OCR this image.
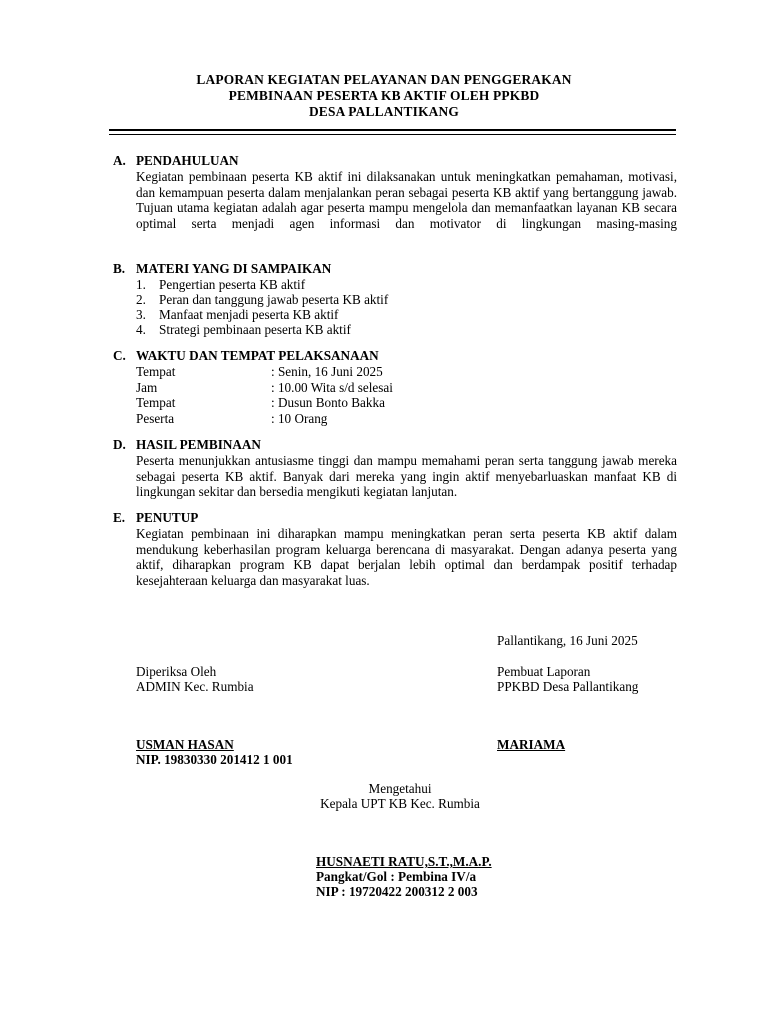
LAPORAN KEGIATAN PELAYANAN DAN PENGGERAKAN
PEMBINAAN PESERTA KB AKTIF OLEH PPKBD
DESA PALLANTIKANG
A. PENDAHULUAN
Kegiatan pembinaan peserta KB aktif ini dilaksanakan untuk meningkatkan pemahaman, motivasi, dan kemampuan peserta dalam menjalankan peran sebagai peserta KB aktif yang bertanggung jawab. Tujuan utama kegiatan adalah agar peserta mampu mengelola dan memanfaatkan layanan KB secara optimal serta menjadi agen informasi dan motivator di lingkungan masing-masing
B. MATERI YANG DI SAMPAIKAN
1. Pengertian peserta KB aktif
2. Peran dan tanggung jawab peserta KB aktif
3. Manfaat menjadi peserta KB aktif
4. Strategi pembinaan peserta KB aktif
C. WAKTU DAN TEMPAT PELAKSANAAN
Tempat	: Senin, 16 Juni 2025
Jam	: 10.00 Wita s/d selesai
Tempat	: Dusun Bonto Bakka
Peserta	: 10 Orang
D. HASIL PEMBINAAN
Peserta menunjukkan antusiasme tinggi dan mampu memahami peran serta tanggung jawab mereka sebagai peserta KB aktif. Banyak dari mereka yang ingin aktif menyebarluaskan manfaat KB di lingkungan sekitar dan bersedia mengikuti kegiatan lanjutan.
E. PENUTUP
Kegiatan pembinaan ini diharapkan mampu meningkatkan peran serta peserta KB aktif dalam mendukung keberhasilan program keluarga berencana di masyarakat. Dengan adanya peserta yang aktif, diharapkan program KB dapat berjalan lebih optimal dan berdampak positif terhadap kesejahteraan keluarga dan masyarakat luas.
Pallantikang, 16 Juni 2025
Diperiksa Oleh
ADMIN Kec. Rumbia
Pembuat Laporan
PPKBD Desa Pallantikang
USMAN HASAN
NIP. 19830330 201412 1 001
MARIAMA
Mengetahui
Kepala UPT KB Kec. Rumbia
HUSNAETI RATU,S.T.,M.A.P.
Pangkat/Gol : Pembina IV/a
NIP : 19720422 200312 2 003
